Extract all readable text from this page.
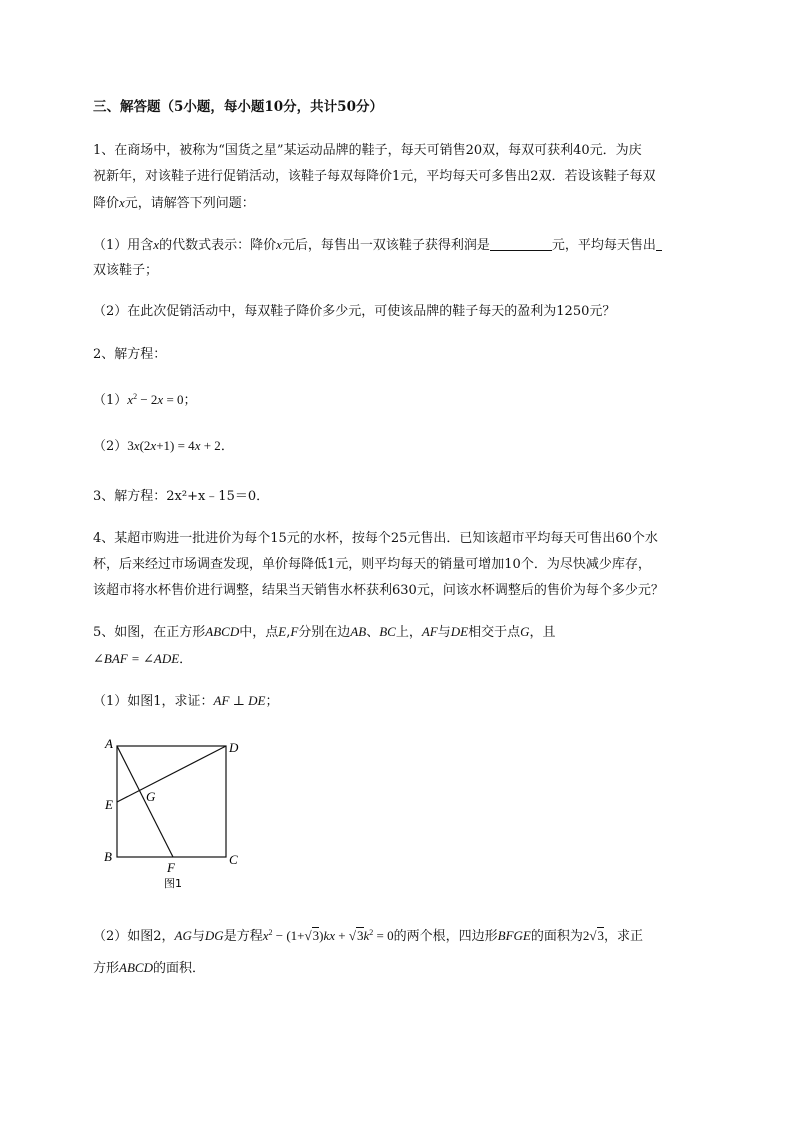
三、解答题（5小题，每小题10分，共计50分）
1、在商场中，被称为“国货之星”某运动品牌的鞋子，每天可销售20双，每双可获利40元．为庆
祝新年，对该鞋子进行促销活动，该鞋子每双每降价1元，平均每天可多售出2双．若设该鞋子每双
降价x元，请解答下列问题：
（1）用含x的代数式表示：降价x元后，每售出一双该鞋子获得利润是	元，平均每天售出
双该鞋子；
（2）在此次促销活动中，每双鞋子降价多少元，可使该品牌的鞋子每天的盈利为1250元？
2、解方程：
$(1)x^2 - 2x = 0$；
（2）3x(2x+1) = 4x + 2．
3、解方程：2x²+x﹣15＝0．
4、某超市购进一批进价为每个15元的水杯，按每个25元售出．已知该超市平均每天可售出60个水
杯，后来经过市场调查发现，单价每降低1元，则平均每天的销量可增加10个．为尽快减少库存，
该超市将水杯售价进行调整，结果当天销售水杯获利630元，问该水杯调整后的售价为每个多少元？
5、如图，在正方形ABCD中，点E,F分别在边AB、BC上，AF与DE相交于点G，且
∠BAF = ∠ADE．
（1）如图1，求证：AF ⊥ DE；
A	D
E
G
B	C
F
图1
（2）如图2，AG与DG是方程$x^2 - (1+√3)kx + √3k^2 = 0$的两个根，四边形BFGE的面积为2√3，求正
方形ABCD的面积．
